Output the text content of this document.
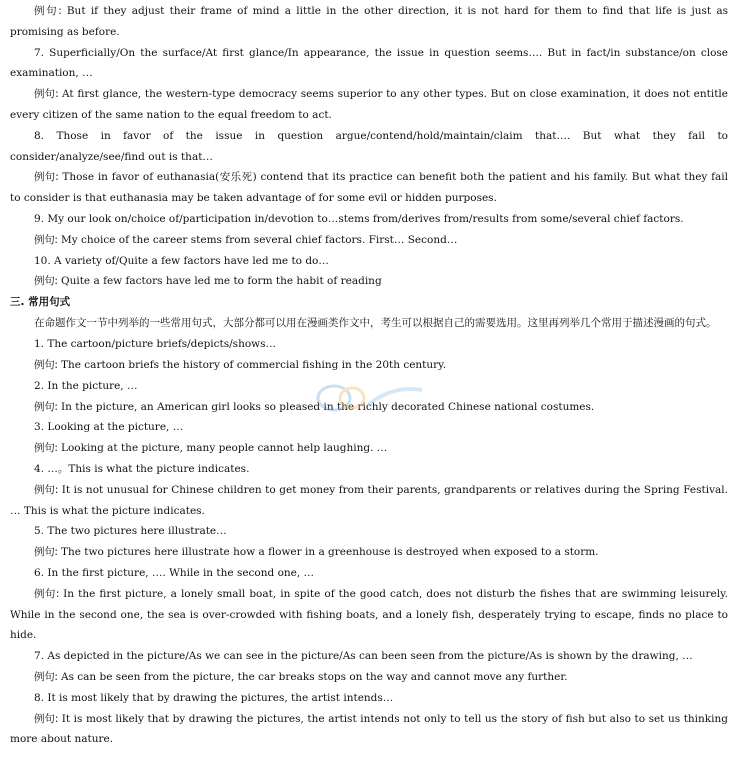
例句: But if they adjust their frame of mind a little in the other direction, it is not hard for them to find that life is just as promising as before.

7. Superficially/On the surface/At first glance/In appearance, the issue in question seems…. But in fact/in substance/on close examination, …

例句: At first glance, the western-type democracy seems superior to any other types. But on close examination, it does not entitle every citizen of the same nation to the equal freedom to act.

8. Those in favor of the issue in question argue/contend/hold/maintain/claim that…. But what they fail to consider/analyze/see/find out is that…

例句: Those in favor of euthanasia(安乐死) contend that its practice can benefit both the patient and his family. But what they fail to consider is that euthanasia may be taken advantage of for some evil or hidden purposes.

9. My our look on/choice of/participation in/devotion to…stems from/derives from/results from some/several chief factors.

例句: My choice of the career stems from several chief factors. First… Second…

10. A variety of/Quite a few factors have led me to do…

例句: Quite a few factors have led me to form the habit of reading

三. 常用句式

在命题作文一节中列举的一些常用句式，大部分都可以用在漫画类作文中，考生可以根据自己的需要选用。这里再列举几个常用于描述漫画的句式。

1. The cartoon/picture briefs/depicts/shows…

例句: The cartoon briefs the history of commercial fishing in the 20th century.

2. In the picture, …

例句: In the picture, an American girl looks so pleased in the richly decorated Chinese national costumes.

3. Looking at the picture, …

例句: Looking at the picture, many people cannot help laughing. …

4. …。This is what the picture indicates.

例句: It is not unusual for Chinese children to get money from their parents, grandparents or relatives during the Spring Festival. … This is what the picture indicates.

5. The two pictures here illustrate…

例句: The two pictures here illustrate how a flower in a greenhouse is destroyed when exposed to a storm.

6. In the first picture, …. While in the second one, …

例句: In the first picture, a lonely small boat, in spite of the good catch, does not disturb the fishes that are swimming leisurely. While in the second one, the sea is over-crowded with fishing boats, and a lonely fish, desperately trying to escape, finds no place to hide.

7. As depicted in the picture/As we can see in the picture/As can been seen from the picture/As is shown by the drawing, …

例句: As can be seen from the picture, the car breaks stops on the way and cannot move any further.

8. It is most likely that by drawing the pictures, the artist intends…

例句: It is most likely that by drawing the pictures, the artist intends not only to tell us the story of fish but also to set us thinking more about nature.
